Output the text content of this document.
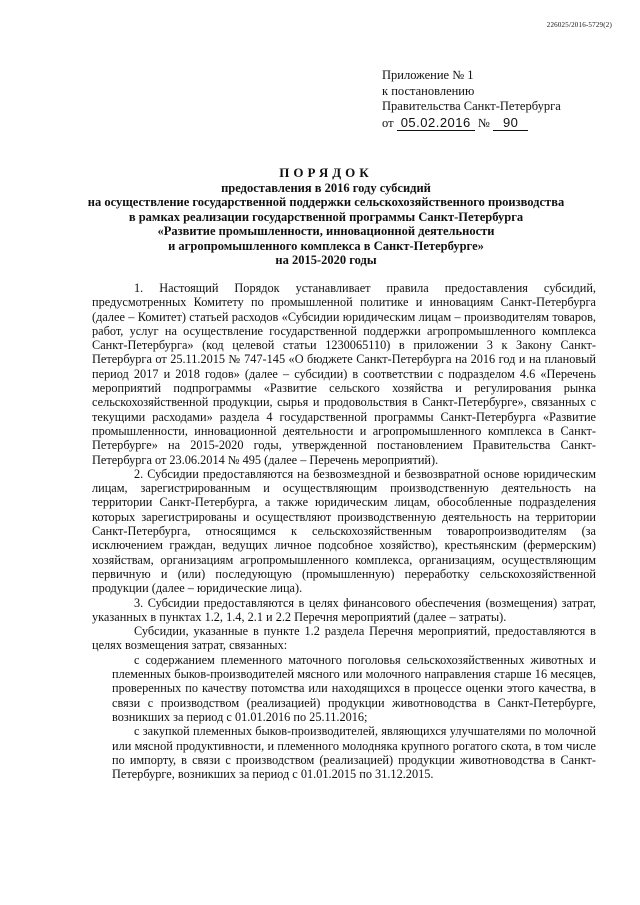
226025/2016-5729(2)
Приложение № 1
к постановлению
Правительства Санкт-Петербурга
от 05.02.2016 № 90
ПОРЯДОК
предоставления в 2016 году субсидий
на осуществление государственной поддержки сельскохозяйственного производства
в рамках реализации государственной программы Санкт-Петербурга
«Развитие промышленности, инновационной деятельности
и агропромышленного комплекса в Санкт-Петербурге»
на 2015-2020 годы

1. Настоящий Порядок устанавливает правила предоставления субсидий, предусмотренных Комитету по промышленной политике и инновациям Санкт-Петербурга (далее – Комитет) статьей расходов «Субсидии юридическим лицам – производителям товаров, работ, услуг на осуществление государственной поддержки агропромышленного комплекса Санкт-Петербурга» (код целевой статьи 1230065110) в приложении 3 к Закону Санкт-Петербурга от 25.11.2015 № 747-145 «О бюджете Санкт-Петербурга на 2016 год и на плановый период 2017 и 2018 годов» (далее – субсидии) в соответствии с подразделом 4.6 «Перечень мероприятий подпрограммы «Развитие сельского хозяйства и регулирования рынка сельскохозяйственной продукции, сырья и продовольствия в Санкт-Петербурге», связанных с текущими расходами» раздела 4 государственной программы Санкт-Петербурга «Развитие промышленности, инновационной деятельности и агропромышленного комплекса в Санкт-Петербурге» на 2015-2020 годы, утвержденной постановлением Правительства Санкт-Петербурга от 23.06.2014 № 495 (далее – Перечень мероприятий).

2. Субсидии предоставляются на безвозмездной и безвозвратной основе юридическим лицам, зарегистрированным и осуществляющим производственную деятельность на территории Санкт-Петербурга, а также юридическим лицам, обособленные подразделения которых зарегистрированы и осуществляют производственную деятельность на территории Санкт-Петербурга, относящимся к сельскохозяйственным товаропроизводителям (за исключением граждан, ведущих личное подсобное хозяйство), крестьянским (фермерским) хозяйствам, организациям агропромышленного комплекса, организациям, осуществляющим первичную и (или) последующую (промышленную) переработку сельскохозяйственной продукции (далее – юридические лица).

3. Субсидии предоставляются в целях финансового обеспечения (возмещения) затрат, указанных в пунктах 1.2, 1.4, 2.1 и 2.2 Перечня мероприятий (далее – затраты).

Субсидии, указанные в пункте 1.2 раздела Перечня мероприятий, предоставляются в целях возмещения затрат, связанных:

с содержанием племенного маточного поголовья сельскохозяйственных животных и племенных быков-производителей мясного или молочного направления старше 16 месяцев, проверенных по качеству потомства или находящихся в процессе оценки этого качества, в связи с производством (реализацией) продукции животноводства в Санкт-Петербурге, возникших за период с 01.01.2016 по 25.11.2016;

с закупкой племенных быков-производителей, являющихся улучшателями по молочной или мясной продуктивности, и племенного молодняка крупного рогатого скота, в том числе по импорту, в связи с производством (реализацией) продукции животноводства в Санкт-Петербурге, возникших за период с 01.01.2015 по 31.12.2015.
